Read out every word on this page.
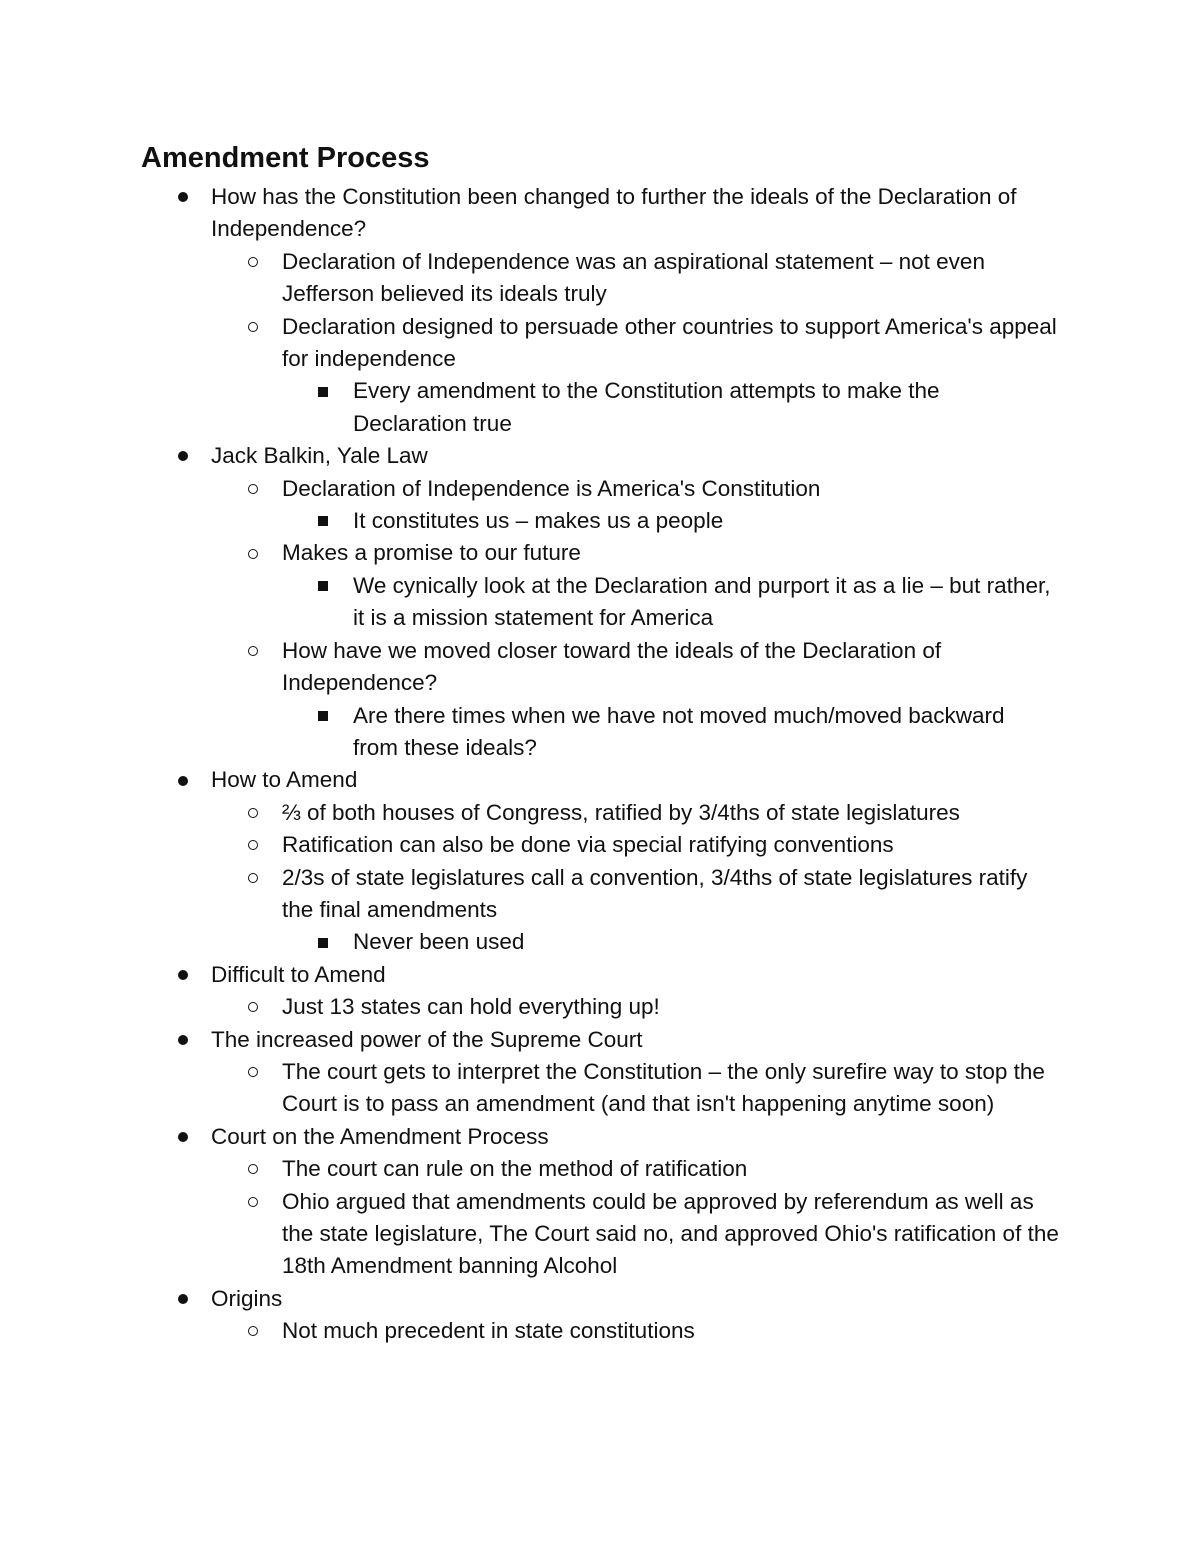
Amendment Process
How has the Constitution been changed to further the ideals of the Declaration of Independence?
Declaration of Independence was an aspirational statement – not even Jefferson believed its ideals truly
Declaration designed to persuade other countries to support America's appeal for independence
Every amendment to the Constitution attempts to make the Declaration true
Jack Balkin, Yale Law
Declaration of Independence is America's Constitution
It constitutes us – makes us a people
Makes a promise to our future
We cynically look at the Declaration and purport it as a lie – but rather, it is a mission statement for America
How have we moved closer toward the ideals of the Declaration of Independence?
Are there times when we have not moved much/moved backward from these ideals?
How to Amend
⅔ of both houses of Congress, ratified by 3/4ths of state legislatures
Ratification can also be done via special ratifying conventions
2/3s of state legislatures call a convention, 3/4ths of state legislatures ratify the final amendments
Never been used
Difficult to Amend
Just 13 states can hold everything up!
The increased power of the Supreme Court
The court gets to interpret the Constitution – the only surefire way to stop the Court is to pass an amendment (and that isn't happening anytime soon)
Court on the Amendment Process
The court can rule on the method of ratification
Ohio argued that amendments could be approved by referendum as well as the state legislature, The Court said no, and approved Ohio's ratification of the 18th Amendment banning Alcohol
Origins
Not much precedent in state constitutions
